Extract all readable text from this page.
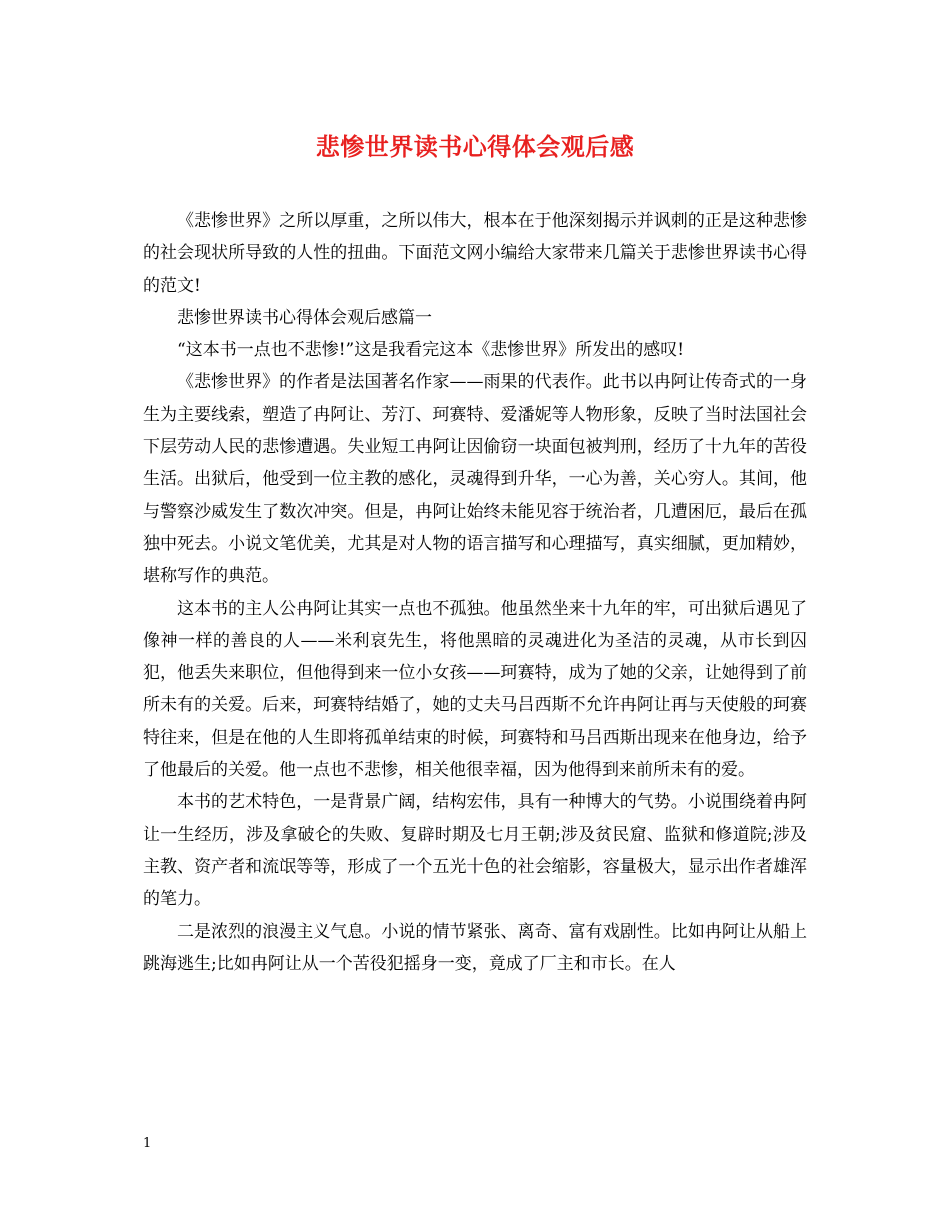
悲惨世界读书心得体会观后感

《悲惨世界》之所以厚重，之所以伟大，根本在于他深刻揭示并讽刺的正是这种悲惨的社会现状所导致的人性的扭曲。下面范文网小编给大家带来几篇关于悲惨世界读书心得的范文!

悲惨世界读书心得体会观后感篇一

“这本书一点也不悲惨!”这是我看完这本《悲惨世界》所发出的感叹!

《悲惨世界》的作者是法国著名作家——雨果的代表作。此书以冉阿让传奇式的一身生为主要线索，塑造了冉阿让、芳汀、珂赛特、爱潘妮等人物形象，反映了当时法国社会下层劳动人民的悲惨遭遇。失业短工冉阿让因偷窃一块面包被判刑，经历了十九年的苦役生活。出狱后，他受到一位主教的感化，灵魂得到升华，一心为善，关心穷人。其间，他与警察沙威发生了数次冲突。但是，冉阿让始终未能见容于统治者，几遭困厄，最后在孤独中死去。小说文笔优美，尤其是对人物的语言描写和心理描写，真实细腻，更加精妙，堪称写作的典范。

这本书的主人公冉阿让其实一点也不孤独。他虽然坐来十九年的牢，可出狱后遇见了像神一样的善良的人——米利哀先生，将他黑暗的灵魂进化为圣洁的灵魂，从市长到囚犯，他丢失来职位，但他得到来一位小女孩——珂赛特，成为了她的父亲，让她得到了前所未有的关爱。后来，珂赛特结婚了，她的丈夫马吕西斯不允许冉阿让再与天使般的珂赛特往来，但是在他的人生即将孤单结束的时候，珂赛特和马吕西斯出现来在他身边，给予了他最后的关爱。他一点也不悲惨，相关他很幸福，因为他得到来前所未有的爱。

本书的艺术特色，一是背景广阔，结构宏伟，具有一种博大的气势。小说围绕着冉阿让一生经历，涉及拿破仑的失败、复辟时期及七月王朝;涉及贫民窟、监狱和修道院;涉及主教、资产者和流氓等等，形成了一个五光十色的社会缩影，容量极大，显示出作者雄浑的笔力。

二是浓烈的浪漫主义气息。小说的情节紧张、离奇、富有戏剧性。比如冉阿让从船上跳海逃生;比如冉阿让从一个苦役犯摇身一变，竟成了厂主和市长。在人

1
